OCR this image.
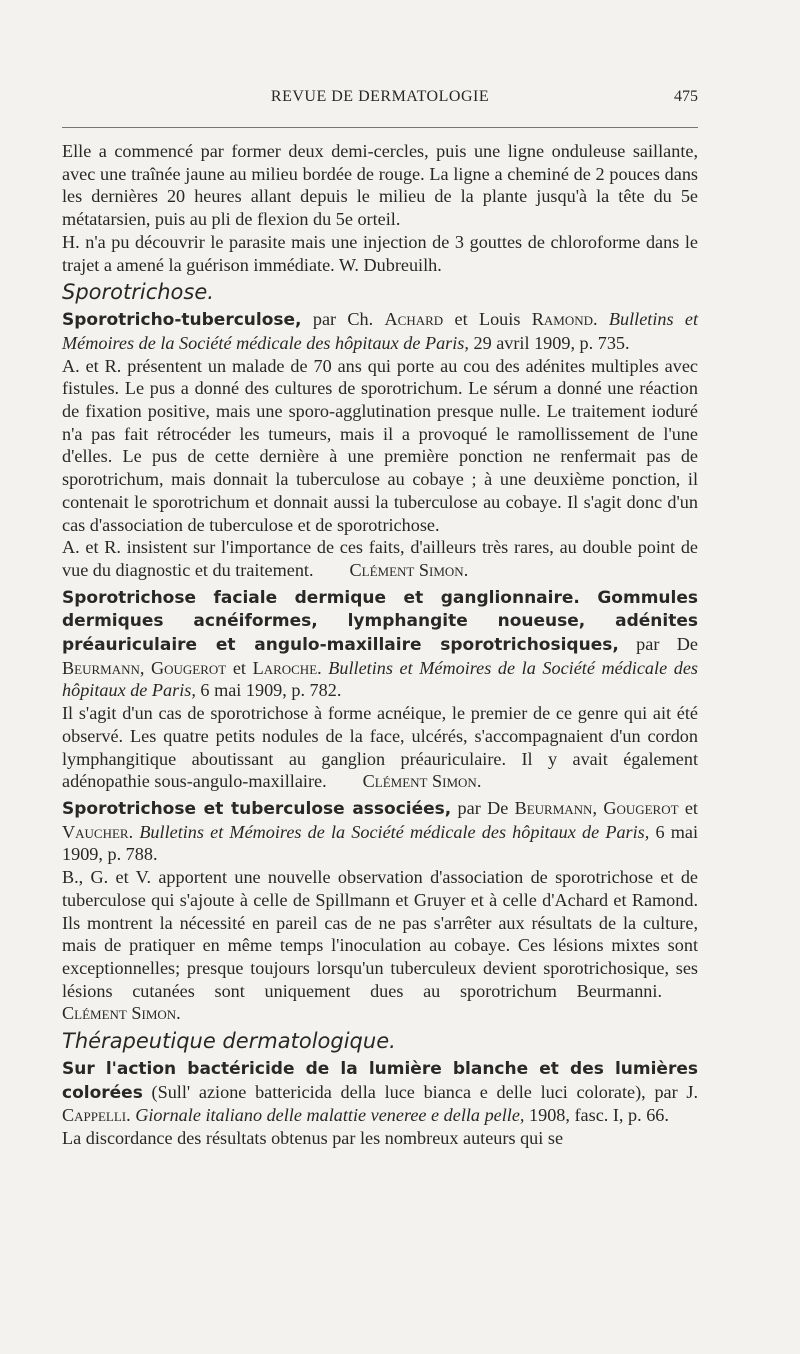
REVUE DE DERMATOLOGIE	475

Elle a commencé par former deux demi-cercles, puis une ligne onduleuse saillante, avec une traînée jaune au milieu bordée de rouge. La ligne a cheminé de 2 pouces dans les dernières 20 heures allant depuis le milieu de la plante jusqu'à la tête du 5e métatarsien, puis au pli de flexion du 5e orteil.

H. n'a pu découvrir le parasite mais une injection de 3 gouttes de chloroforme dans le trajet a amené la guérison immédiate. W. Dubreuilh.

Sporotrichose.

Sporotricho-tuberculose, par Ch. Achard et Louis Ramond. Bulletins et Mémoires de la Société médicale des hôpitaux de Paris, 29 avril 1909, p. 735.

A. et R. présentent un malade de 70 ans qui porte au cou des adénites multiples avec fistules. Le pus a donné des cultures de sporotrichum. Le sérum a donné une réaction de fixation positive, mais une sporo-agglutination presque nulle. Le traitement ioduré n'a pas fait rétrocéder les tumeurs, mais il a provoqué le ramollissement de l'une d'elles. Le pus de cette dernière à une première ponction ne renfermait pas de sporotrichum, mais donnait la tuberculose au cobaye ; à une deuxième ponction, il contenait le sporotrichum et donnait aussi la tuberculose au cobaye. Il s'agit donc d'un cas d'association de tuberculose et de sporotrichose.

A. et R. insistent sur l'importance de ces faits, d'ailleurs très rares, au double point de vue du diagnostic et du traitement. Clément Simon.

Sporotrichose faciale dermique et ganglionnaire. Gommules dermiques acnéiformes, lymphangite noueuse, adénites préauriculaire et angulo-maxillaire sporotrichosiques, par De Beurmann, Gougerot et Laroche. Bulletins et Mémoires de la Société médicale des hôpitaux de Paris, 6 mai 1909, p. 782.

Il s'agit d'un cas de sporotrichose à forme acnéique, le premier de ce genre qui ait été observé. Les quatre petits nodules de la face, ulcérés, s'accompagnaient d'un cordon lymphangitique aboutissant au ganglion préauriculaire. Il y avait également adénopathie sous-angulo-maxillaire. Clément Simon.

Sporotrichose et tuberculose associées, par De Beurmann, Gougerot et Vaucher. Bulletins et Mémoires de la Société médicale des hôpitaux de Paris, 6 mai 1909, p. 788.

B., G. et V. apportent une nouvelle observation d'association de sporotrichose et de tuberculose qui s'ajoute à celle de Spillmann et Gruyer et à celle d'Achard et Ramond. Ils montrent la nécessité en pareil cas de ne pas s'arrêter aux résultats de la culture, mais de pratiquer en même temps l'inoculation au cobaye. Ces lésions mixtes sont exceptionnelles; presque toujours lorsqu'un tuberculeux devient sporotrichosique, ses lésions cutanées sont uniquement dues au sporotrichum Beurmanni.Clément Simon.

Thérapeutique dermatologique.

Sur l'action bactéricide de la lumière blanche et des lumières colorées (Sull' azione battericida della luce bianca e delle luci colorate), par J. Cappelli. Giornale italiano delle malattie veneree e della pelle, 1908, fasc. I, p. 66.

La discordance des résultats obtenus par les nombreux auteurs qui se
